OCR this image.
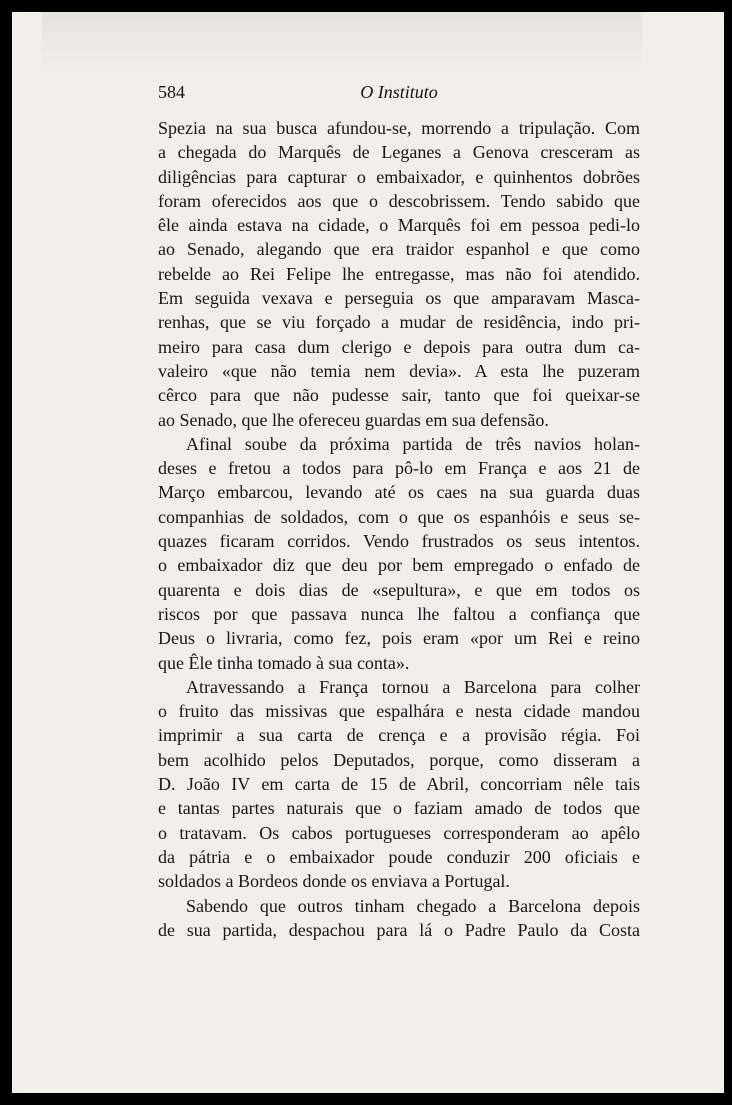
584	O Instituto
Spezia na sua busca afundou-se, morrendo a tripulação. Com
a chegada do Marquês de Leganes a Genova cresceram as
diligências para capturar o embaixador, e quinhentos dobrões
foram oferecidos aos que o descobrissem. Tendo sabido que
êle ainda estava na cidade, o Marquês foi em pessoa pedi-lo
ao Senado, alegando que era traidor espanhol e que como
rebelde ao Rei Felipe lhe entregasse, mas não foi atendido.
Em seguida vexava e perseguia os que amparavam Masca-
renhas, que se viu forçado a mudar de residência, indo pri-
meiro para casa dum clerigo e depois para outra dum ca-
valeiro «que não temia nem devia». A esta lhe puzeram
cêrco para que não pudesse sair, tanto que foi queixar-se
ao Senado, que lhe ofereceu guardas em sua defensão.
Afinal soube da próxima partida de três navios holan-
deses e fretou a todos para pô-lo em França e aos 21 de
Março embarcou, levando até os caes na sua guarda duas
companhias de soldados, com o que os espanhóis e seus se-
quazes ficaram corridos. Vendo frustrados os seus intentos.
o embaixador diz que deu por bem empregado o enfado de
quarenta e dois dias de «sepultura», e que em todos os
riscos por que passava nunca lhe faltou a confiança que
Deus o livraria, como fez, pois eram «por um Rei e reino
que Êle tinha tomado à sua conta».
Atravessando a França tornou a Barcelona para colher
o fruito das missivas que espalhára e nesta cidade mandou
imprimir a sua carta de crença e a provisão régia. Foi
bem acolhido pelos Deputados, porque, como disseram a
D. João IV em carta de 15 de Abril, concorriam nêle tais
e tantas partes naturais que o faziam amado de todos que
o tratavam. Os cabos portugueses corresponderam ao apêlo
da pátria e o embaixador poude conduzir 200 oficiais e
soldados a Bordeos donde os enviava a Portugal.
Sabendo que outros tinham chegado a Barcelona depois
de sua partida, despachou para lá o Padre Paulo da Costa
